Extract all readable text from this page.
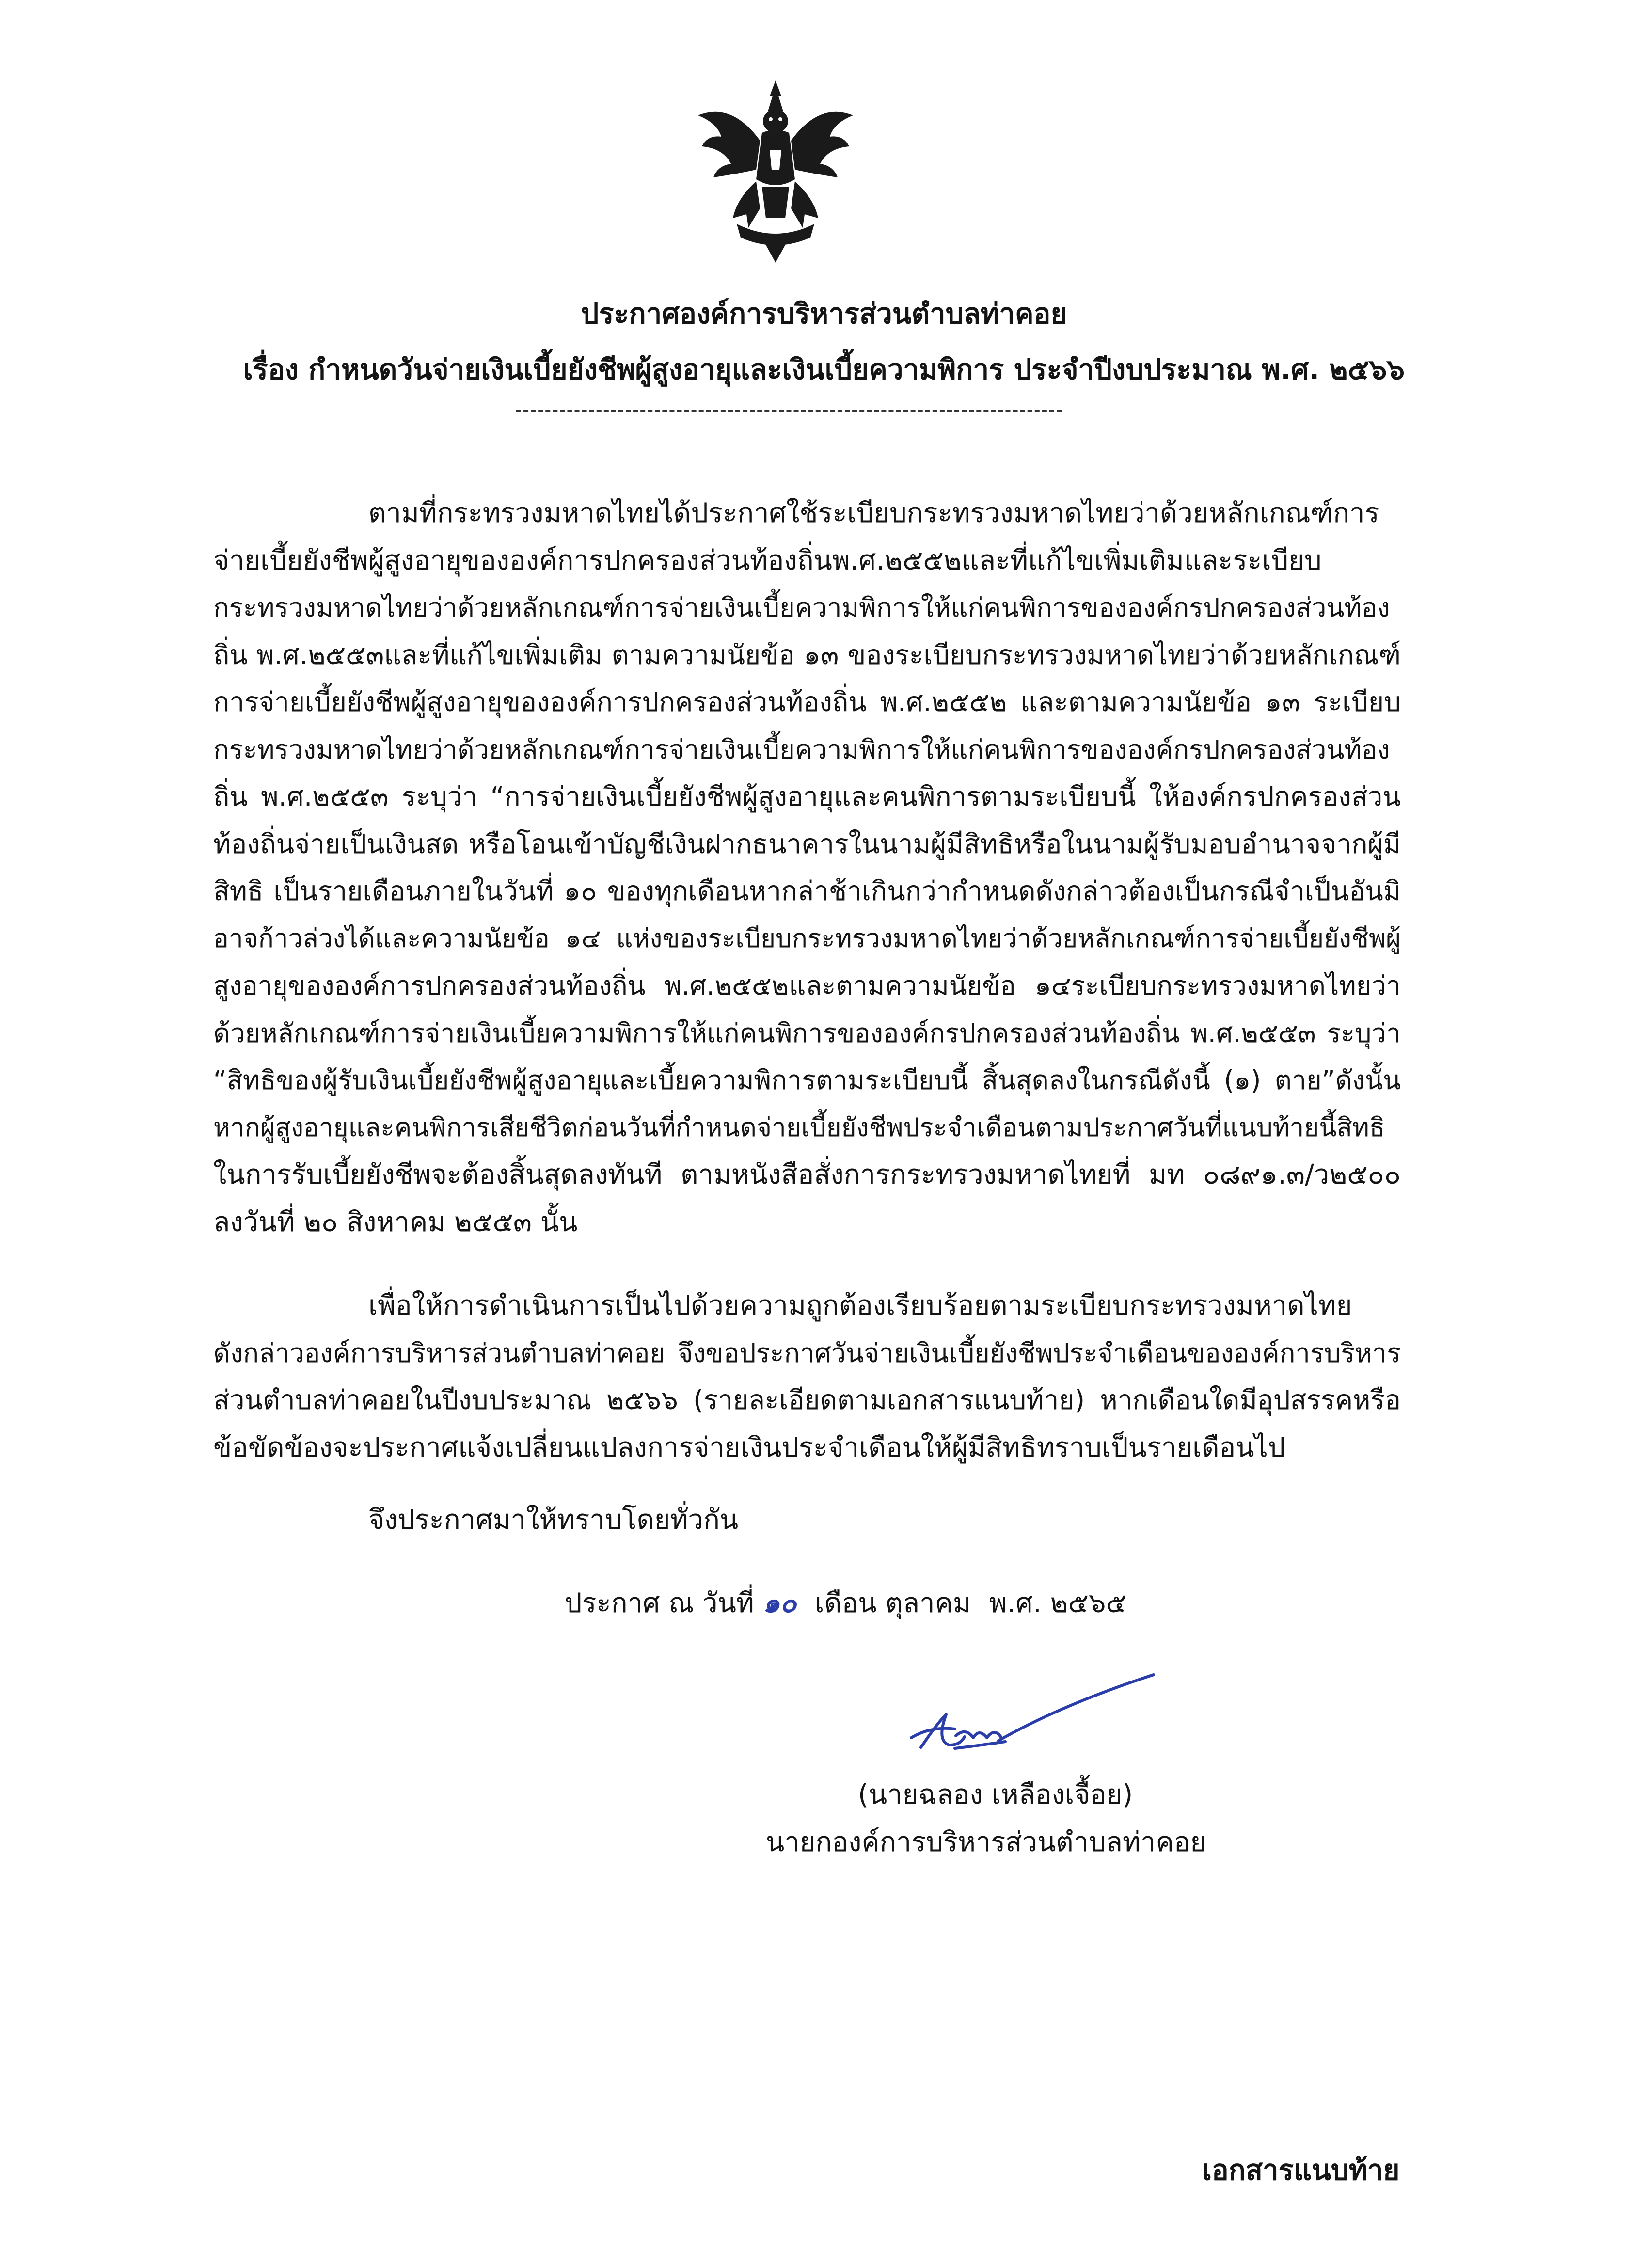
ประกาศองค์การบริหารส่วนตำบลท่าคอย
เรื่อง กำหนดวันจ่ายเงินเบี้ยยังชีพผู้สูงอายุและเงินเบี้ยความพิการ ประจำปีงบประมาณ พ.ศ. ๒๕๖๖
ตามที่กระทรวงมหาดไทยได้ประกาศใช้ระเบียบกระทรวงมหาดไทยว่าด้วยหลักเกณฑ์การ
จ่ายเบี้ยยังชีพผู้สูงอายุขององค์การปกครองส่วนท้องถิ่นพ.ศ.๒๕๕๒และที่แก้ไขเพิ่มเติมและระเบียบ
กระทรวงมหาดไทยว่าด้วยหลักเกณฑ์การจ่ายเงินเบี้ยความพิการให้แก่คนพิการขององค์กรปกครองส่วนท้อง
ถิ่น พ.ศ.๒๕๕๓และที่แก้ไขเพิ่มเติม ตามความนัยข้อ ๑๓ ของระเบียบกระทรวงมหาดไทยว่าด้วยหลักเกณฑ์
การจ่ายเบี้ยยังชีพผู้สูงอายุขององค์การปกครองส่วนท้องถิ่น พ.ศ.๒๕๕๒ และตามความนัยข้อ ๑๓ ระเบียบ
กระทรวงมหาดไทยว่าด้วยหลักเกณฑ์การจ่ายเงินเบี้ยความพิการให้แก่คนพิการขององค์กรปกครองส่วนท้อง
ถิ่น พ.ศ.๒๕๕๓ ระบุว่า “การจ่ายเงินเบี้ยยังชีพผู้สูงอายุและคนพิการตามระเบียบนี้ ให้องค์กรปกครองส่วน
ท้องถิ่นจ่ายเป็นเงินสด หรือโอนเข้าบัญชีเงินฝากธนาคารในนามผู้มีสิทธิหรือในนามผู้รับมอบอำนาจจากผู้มี
สิทธิ เป็นรายเดือนภายในวันที่ ๑๐ ของทุกเดือนหากล่าช้าเกินกว่ากำหนดดังกล่าวต้องเป็นกรณีจำเป็นอันมิ
อาจก้าวล่วงได้และความนัยข้อ ๑๔ แห่งของระเบียบกระทรวงมหาดไทยว่าด้วยหลักเกณฑ์การจ่ายเบี้ยยังชีพผู้
สูงอายุขององค์การปกครองส่วนท้องถิ่น พ.ศ.๒๕๕๒และตามความนัยข้อ ๑๔ระเบียบกระทรวงมหาดไทยว่า
ด้วยหลักเกณฑ์การจ่ายเงินเบี้ยความพิการให้แก่คนพิการขององค์กรปกครองส่วนท้องถิ่น พ.ศ.๒๕๕๓ ระบุว่า
“สิทธิของผู้รับเงินเบี้ยยังชีพผู้สูงอายุและเบี้ยความพิการตามระเบียบนี้ สิ้นสุดลงในกรณีดังนี้ (๑) ตาย”ดังนั้น
หากผู้สูงอายุและคนพิการเสียชีวิตก่อนวันที่กำหนดจ่ายเบี้ยยังชีพประจำเดือนตามประกาศวันที่แนบท้ายนี้สิทธิ
ในการรับเบี้ยยังชีพจะต้องสิ้นสุดลงทันที ตามหนังสือสั่งการกระทรวงมหาดไทยที่ มท ๐๘๙๑.๓/ว๒๕๐๐
ลงวันที่ ๒๐ สิงหาคม ๒๕๕๓ นั้น
เพื่อให้การดำเนินการเป็นไปด้วยความถูกต้องเรียบร้อยตามระเบียบกระทรวงมหาดไทย
ดังกล่าวองค์การบริหารส่วนตำบลท่าคอย จึงขอประกาศวันจ่ายเงินเบี้ยยังชีพประจำเดือนขององค์การบริหาร
ส่วนตำบลท่าคอยในปีงบประมาณ ๒๕๖๖ (รายละเอียดตามเอกสารแนบท้าย) หากเดือนใดมีอุปสรรคหรือ
ข้อขัดข้องจะประกาศแจ้งเปลี่ยนแปลงการจ่ายเงินประจำเดือนให้ผู้มีสิทธิทราบเป็นรายเดือนไป
จึงประกาศมาให้ทราบโดยทั่วกัน
ประกาศ ณ วันที่ ๑๐ เดือน ตุลาคม พ.ศ. ๒๕๖๕
(นายฉลอง เหลืองเจื้อย)
นายกองค์การบริหารส่วนตำบลท่าคอย
เอกสารแนบท้าย
